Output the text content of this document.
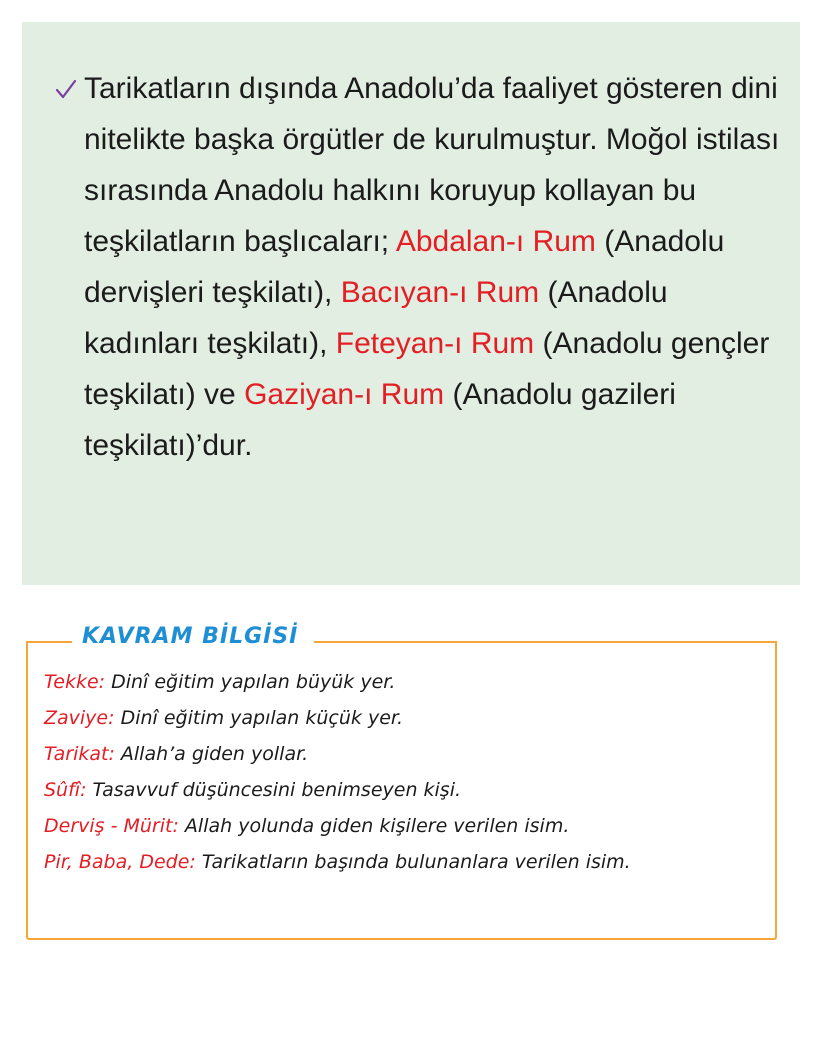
Tarikatların dışında Anadolu’da faaliyet gösteren dini nitelikte başka örgütler de kurulmuştur. Moğol istilası sırasında Anadolu halkını koruyup kollayan bu teşkilatların başlıcaları; Abdalan-ı Rum (Anadolu dervişleri teşkilatı), Bacıyan-ı Rum (Anadolu kadınları teşkilatı), Feteyan-ı Rum (Anadolu gençler teşkilatı) ve Gaziyan-ı Rum (Anadolu gazileri teşkilatı)’dur.

KAVRAM BİLGİSİ
Tekke: Dinî eğitim yapılan büyük yer.
Zaviye: Dinî eğitim yapılan küçük yer.
Tarikat: Allah’a giden yollar.
Sûfî: Tasavvuf düşüncesini benimseyen kişi.
Derviş - Mürit: Allah yolunda giden kişilere verilen isim.
Pir, Baba, Dede: Tarikatların başında bulunanlara verilen isim.
